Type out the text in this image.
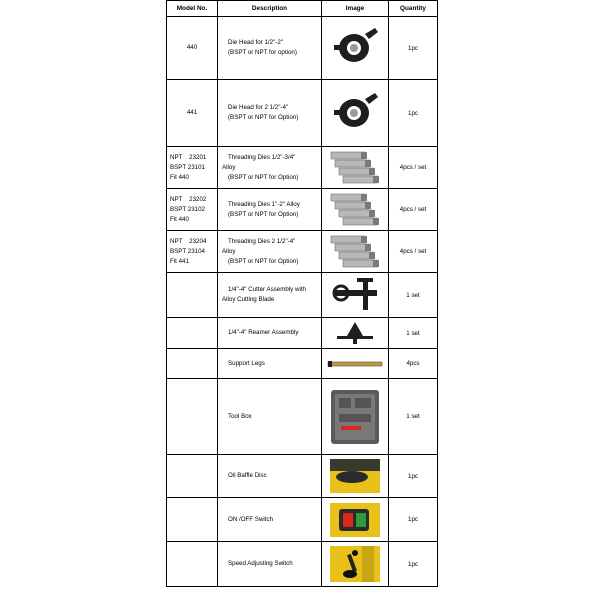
Model No.	Description	Image	Quantity

440	Die Head for 1/2"-2"
(BSPT or NPT for option)		1pc

441	Die Head for 2 1/2"-4"
(BSPT or NPT for Option)		1pc

NPT    23201
BSPT 23101
Fit 440	Threading Dies 1/2"-3/4"
Alloy
(BSPT or NPT for Option)		4pcs / set

NPT    23202
BSPT 23102
Fit 440	Threading Dies 1"-2" Alloy
(BSPT or NPT for Option)		4pcs / set

NPT    23204
BSPT 23104
Fit 441	Threading Dies 2 1/2"-4"
Alloy
(BSPT or NPT for Option)		4pcs / set

	1/4"-4" Cutter Assembly with
Alloy Cutting Blade		1 set

	1/4"-4" Reamer Assembly		1 set

	Support Legs		4pcs

	Tool Box		1 set

	Oil Baffle Disc		1pc

	ON /OFF Switch		1pc

	Speed Adjusting Switch		1pc
